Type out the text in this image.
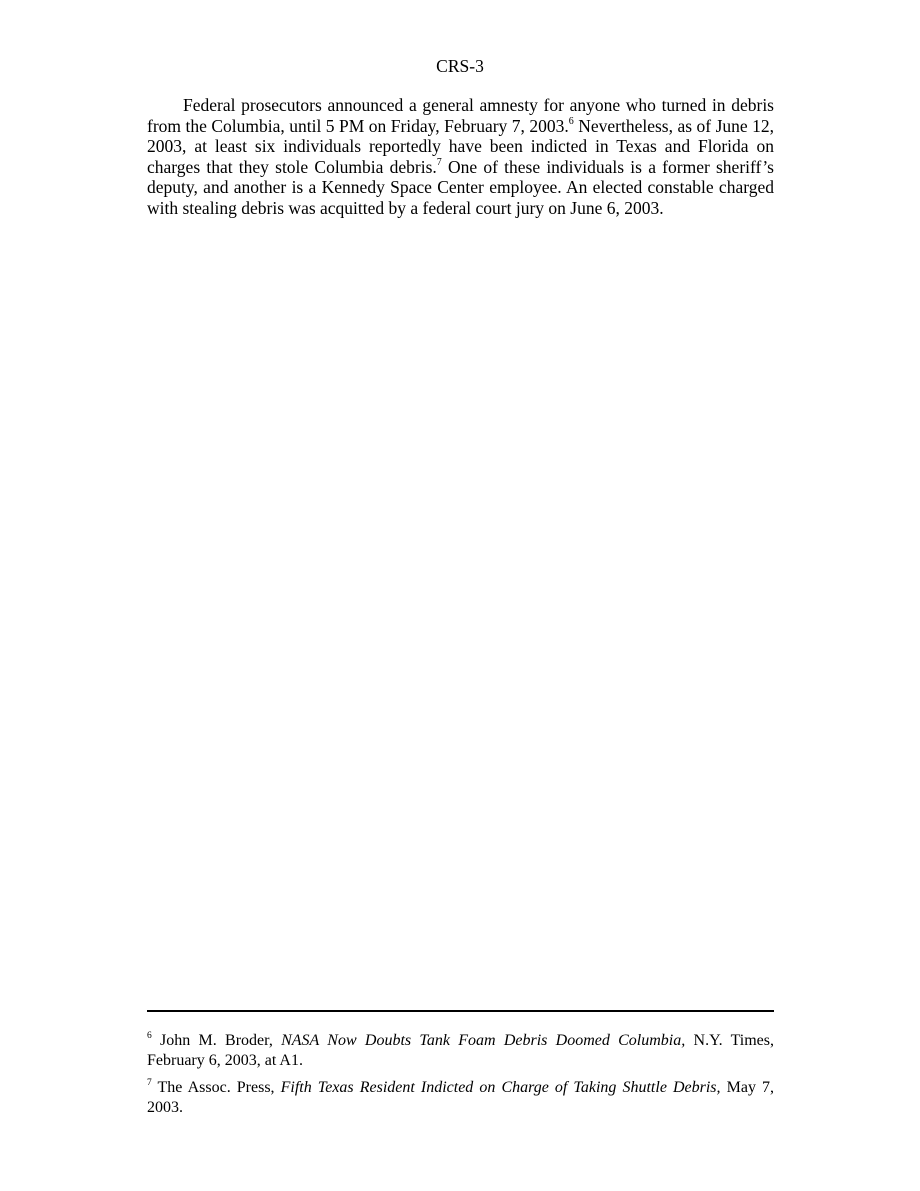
CRS-3

Federal prosecutors announced a general amnesty for anyone who turned in debris from the Columbia, until 5 PM on Friday, February 7, 2003.$^6$ Nevertheless, as of June 12, 2003, at least six individuals reportedly have been indicted in Texas and Florida on charges that they stole Columbia debris.$^7$ One of these individuals is a former sheriff’s deputy, and another is a Kennedy Space Center employee. An elected constable charged with stealing debris was acquitted by a federal court jury on June 6, 2003.

$^6$ John M. Broder, NASA Now Doubts Tank Foam Debris Doomed Columbia, N.Y. Times, February 6, 2003, at A1.

$^7$ The Assoc. Press, Fifth Texas Resident Indicted on Charge of Taking Shuttle Debris, May 7, 2003.
